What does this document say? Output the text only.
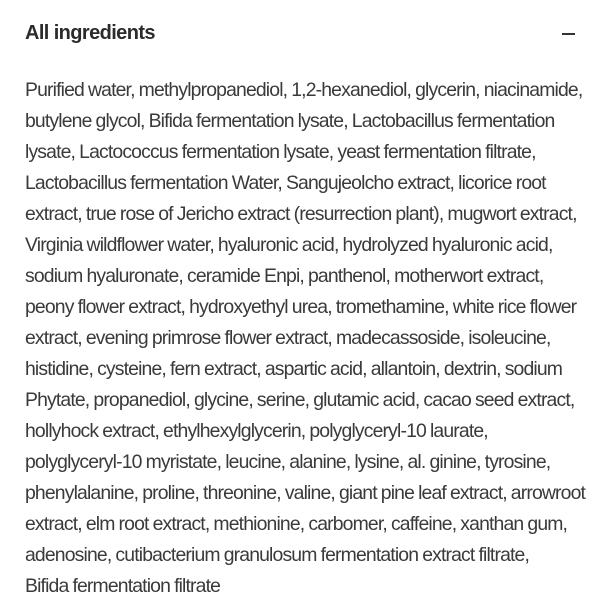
All ingredients
Purified water, methylpropanediol, 1,2-hexanediol, glycerin, niacinamide,
butylene glycol, Bifida fermentation lysate, Lactobacillus fermentation
lysate, Lactococcus fermentation lysate, yeast fermentation filtrate,
Lactobacillus fermentation Water, Sangujeolcho extract, licorice root
extract, true rose of Jericho extract (resurrection plant), mugwort extract,
Virginia wildflower water, hyaluronic acid, hydrolyzed hyaluronic acid,
sodium hyaluronate, ceramide Enpi, panthenol, motherwort extract,
peony flower extract, hydroxyethyl urea, tromethamine, white rice flower
extract, evening primrose flower extract, madecassoside, isoleucine,
histidine, cysteine, fern extract, aspartic acid, allantoin, dextrin, sodium
Phytate, propanediol, glycine, serine, glutamic acid, cacao seed extract,
hollyhock extract, ethylhexylglycerin, polyglyceryl-10 laurate,
polyglyceryl-10 myristate, leucine, alanine, lysine, al. ginine, tyrosine,
phenylalanine, proline, threonine, valine, giant pine leaf extract, arrowroot
extract, elm root extract, methionine, carbomer, caffeine, xanthan gum,
adenosine, cutibacterium granulosum fermentation extract filtrate,
Bifida fermentation filtrate
